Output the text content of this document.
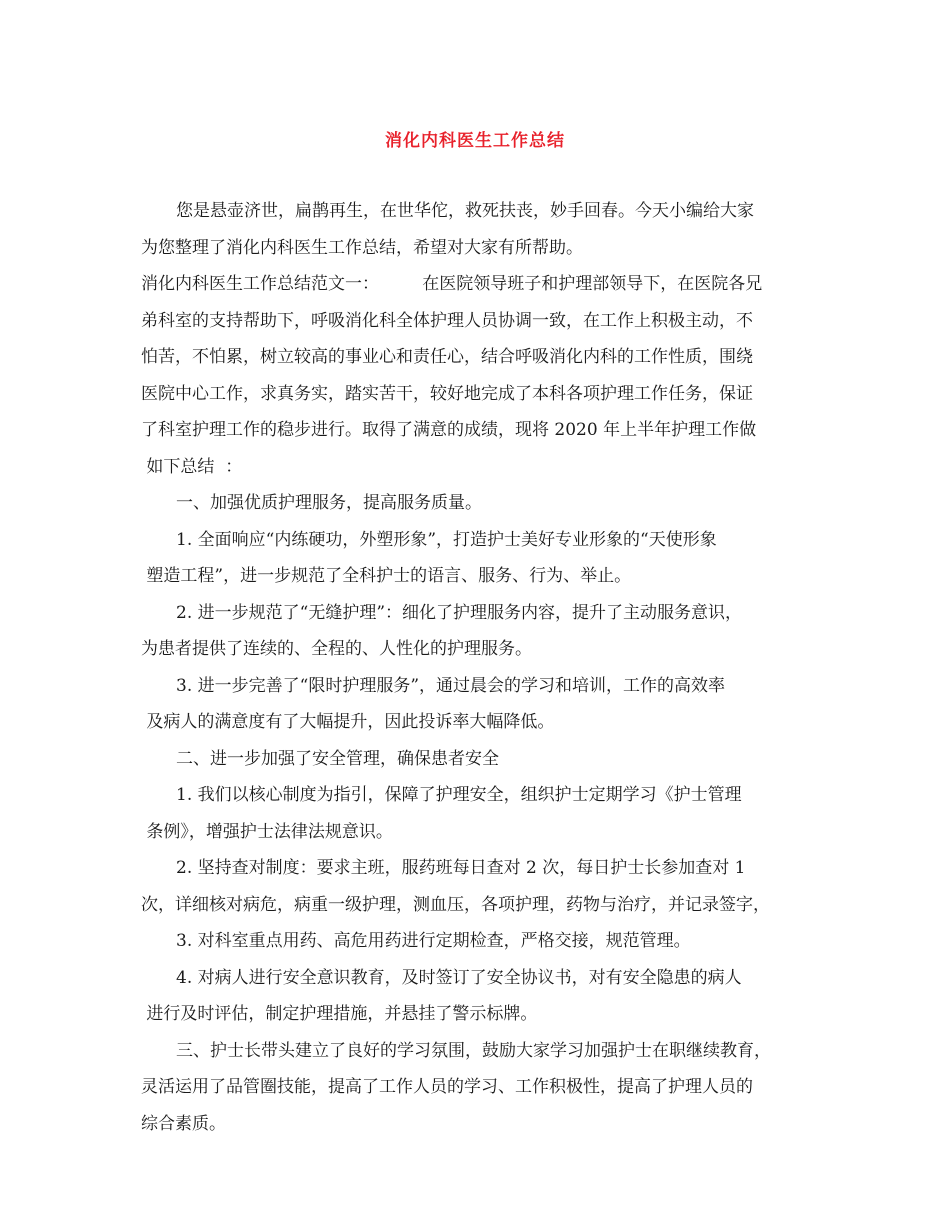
消化内科医生工作总结
您是悬壶济世，扁鹊再生，在世华佗，救死扶丧，妙手回春。今天小编给大家
为您整理了消化内科医生工作总结，希望对大家有所帮助。
消化内科医生工作总结范文一：        在医院领导班子和护理部领导下，在医院各兄
弟科室的支持帮助下，呼吸消化科全体护理人员协调一致，在工作上积极主动，不
怕苦，不怕累，树立较高的事业心和责任心，结合呼吸消化内科的工作性质，围绕
医院中心工作，求真务实，踏实苦干，较好地完成了本科各项护理工作任务，保证
了科室护理工作的稳步进行。取得了满意的成绩，现将 2020 年上半年护理工作做
如下总结  ：
一、加强优质护理服务，提高服务质量。
1. 全面响应“内练硬功，外塑形象”，打造护士美好专业形象的“天使形象
塑造工程”，进一步规范了全科护士的语言、服务、行为、举止。
2. 进一步规范了“无缝护理”：细化了护理服务内容，提升了主动服务意识，
为患者提供了连续的、全程的、人性化的护理服务。
3. 进一步完善了“限时护理服务”，通过晨会的学习和培训，工作的高效率
及病人的满意度有了大幅提升，因此投诉率大幅降低。
二、进一步加强了安全管理，确保患者安全
1. 我们以核心制度为指引，保障了护理安全，组织护士定期学习《护士管理
条例》，增强护士法律法规意识。
2. 坚持查对制度：要求主班，服药班每日查对 2 次，每日护士长参加查对 1
次，详细核对病危，病重一级护理，测血压，各项护理，药物与治疗，并记录签字，
3. 对科室重点用药、高危用药进行定期检查，严格交接，规范管理。
4. 对病人进行安全意识教育，及时签订了安全协议书，对有安全隐患的病人
进行及时评估，制定护理措施，并悬挂了警示标牌。
三、护士长带头建立了良好的学习氛围，鼓励大家学习加强护士在职继续教育，
灵活运用了品管圈技能，提高了工作人员的学习、工作积极性，提高了护理人员的
综合素质。
